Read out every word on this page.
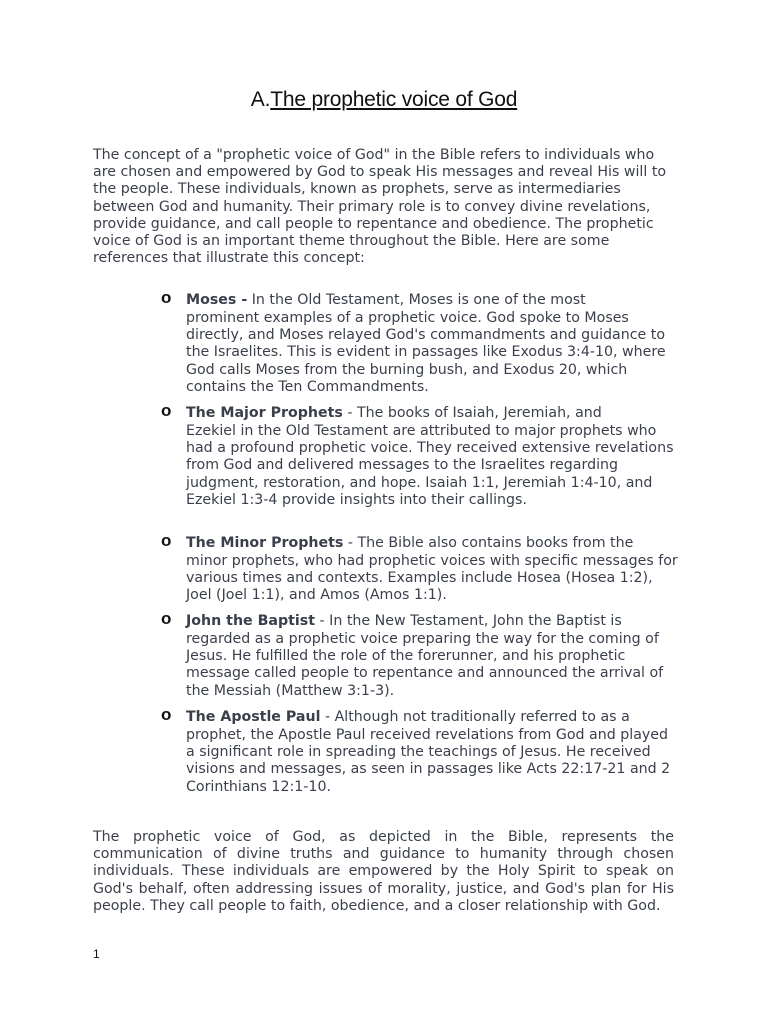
A.The prophetic voice of God

The concept of a "prophetic voice of God" in the Bible refers to individuals who are chosen and empowered by God to speak His messages and reveal His will to the people. These individuals, known as prophets, serve as intermediaries between God and humanity. Their primary role is to convey divine revelations, provide guidance, and call people to repentance and obedience. The prophetic voice of God is an important theme throughout the Bible. Here are some references that illustrate this concept:

o Moses - In the Old Testament, Moses is one of the most

prominent examples of a prophetic voice. God spoke to Moses directly, and Moses relayed God's commandments and guidance to the Israelites. This is evident in passages like Exodus 3:4-10, where God calls Moses from the burning bush, and Exodus 20, which contains the Ten Commandments.

o The Major Prophets - The books of Isaiah, Jeremiah, and

Ezekiel in the Old Testament are attributed to major prophets who had a profound prophetic voice. They received extensive revelations from God and delivered messages to the Israelites regarding judgment, restoration, and hope. Isaiah 1:1, Jeremiah 1:4-10, and Ezekiel 1:3-4 provide insights into their callings.

o The Minor Prophets - The Bible also contains books from the

minor prophets, who had prophetic voices with specific messages for various times and contexts. Examples include Hosea (Hosea 1:2), Joel (Joel 1:1), and Amos (Amos 1:1).

o John the Baptist - In the New Testament, John the Baptist is

regarded as a prophetic voice preparing the way for the coming of Jesus. He fulfilled the role of the forerunner, and his prophetic message called people to repentance and announced the arrival of the Messiah (Matthew 3:1-3).

o The Apostle Paul - Although not traditionally referred to as a

prophet, the Apostle Paul received revelations from God and played a significant role in spreading the teachings of Jesus. He received visions and messages, as seen in passages like Acts 22:17-21 and 2 Corinthians 12:1-10.

The prophetic voice of God, as depicted in the Bible, represents the communication of divine truths and guidance to humanity through chosen individuals. These individuals are empowered by the Holy Spirit to speak on God's behalf, often addressing issues of morality, justice, and God's plan for His people. They call people to faith, obedience, and a closer relationship with God.

1
